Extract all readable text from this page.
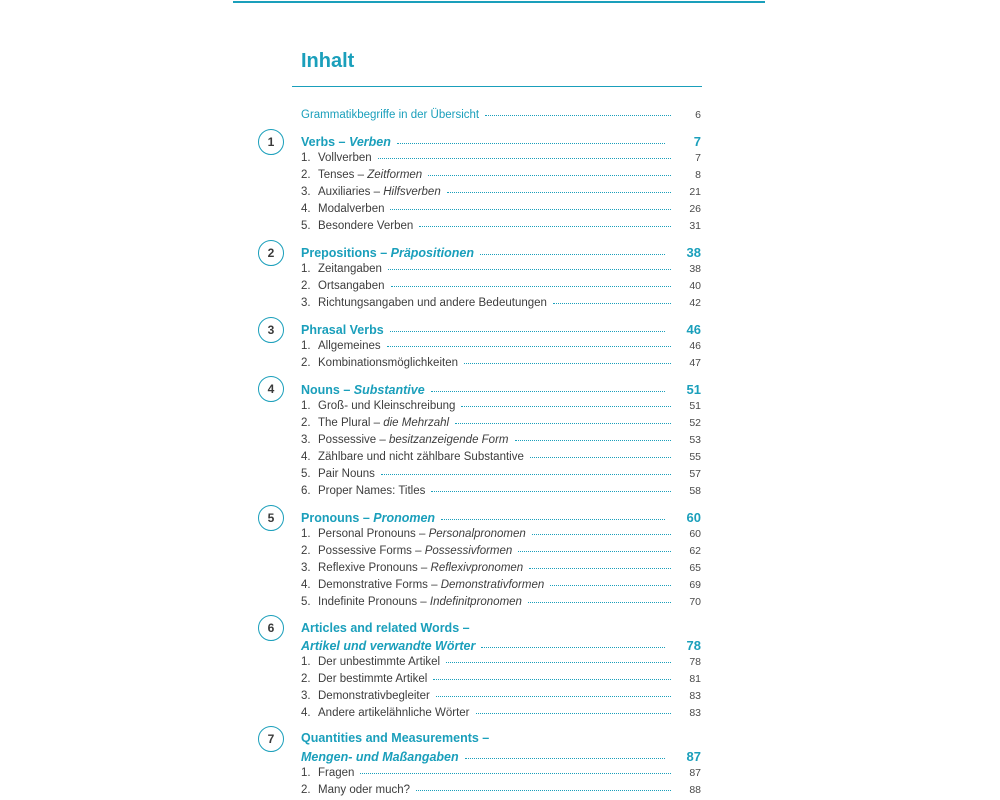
Inhalt
Grammatikbegriffe in der Übersicht	6
1	Verbs – Verben	7
1. Vollverben	7
2. Tenses – Zeitformen	8
3. Auxiliaries – Hilfsverben	21
4. Modalverben	26
5. Besondere Verben	31
2	Prepositions – Präpositionen	38
1. Zeitangaben	38
2. Ortsangaben	40
3. Richtungsangaben und andere Bedeutungen	42
3	Phrasal Verbs	46
1. Allgemeines	46
2. Kombinationsmöglichkeiten	47
4	Nouns – Substantive	51
1. Groß- und Kleinschreibung	51
2. The Plural – die Mehrzahl	52
3. Possessive – besitzanzeigende Form	53
4. Zählbare und nicht zählbare Substantive	55
5. Pair Nouns	57
6. Proper Names: Titles	58
5	Pronouns – Pronomen	60
1. Personal Pronouns – Personalpronomen	60
2. Possessive Forms – Possessivformen	62
3. Reflexive Pronouns – Reflexivpronomen	65
4. Demonstrative Forms – Demonstrativformen	69
5. Indefinite Pronouns – Indefinitpronomen	70
6	Articles and related Words –
Artikel und verwandte Wörter	78
1. Der unbestimmte Artikel	78
2. Der bestimmte Artikel	81
3. Demonstrativbegleiter	83
4. Andere artikelähnliche Wörter	83
7	Quantities and Measurements –
Mengen- und Maßangaben	87
1. Fragen	87
2. Many oder much?	88
